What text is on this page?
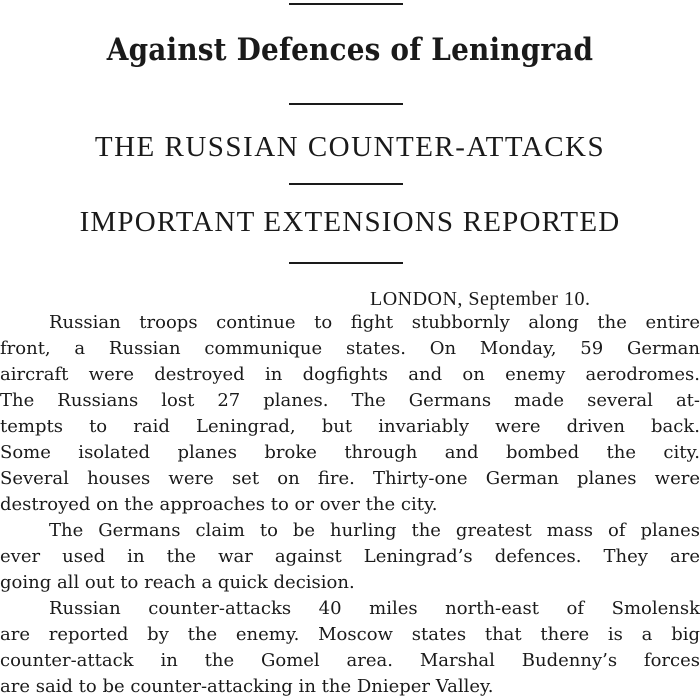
Against Defences of Leningrad
THE RUSSIAN COUNTER-ATTACKS
IMPORTANT EXTENSIONS REPORTED
LONDON, September 10.
Russian troops continue to fight stubbornly along the entire
front, a Russian communique states. On Monday, 59 German
aircraft were destroyed in dogfights and on enemy aerodromes.
The Russians lost 27 planes. The Germans made several at-
tempts to raid Leningrad, but invariably were driven back.
Some isolated planes broke through and bombed the city.
Several houses were set on fire. Thirty-one German planes were
destroyed on the approaches to or over the city.
The Germans claim to be hurling the greatest mass of planes
ever used in the war against Leningrad’s defences. They are
going all out to reach a quick decision.
Russian counter-attacks 40 miles north-east of Smolensk
are reported by the enemy. Moscow states that there is a big
counter-attack in the Gomel area. Marshal Budenny’s forces
are said to be counter-attacking in the Dnieper Valley.
